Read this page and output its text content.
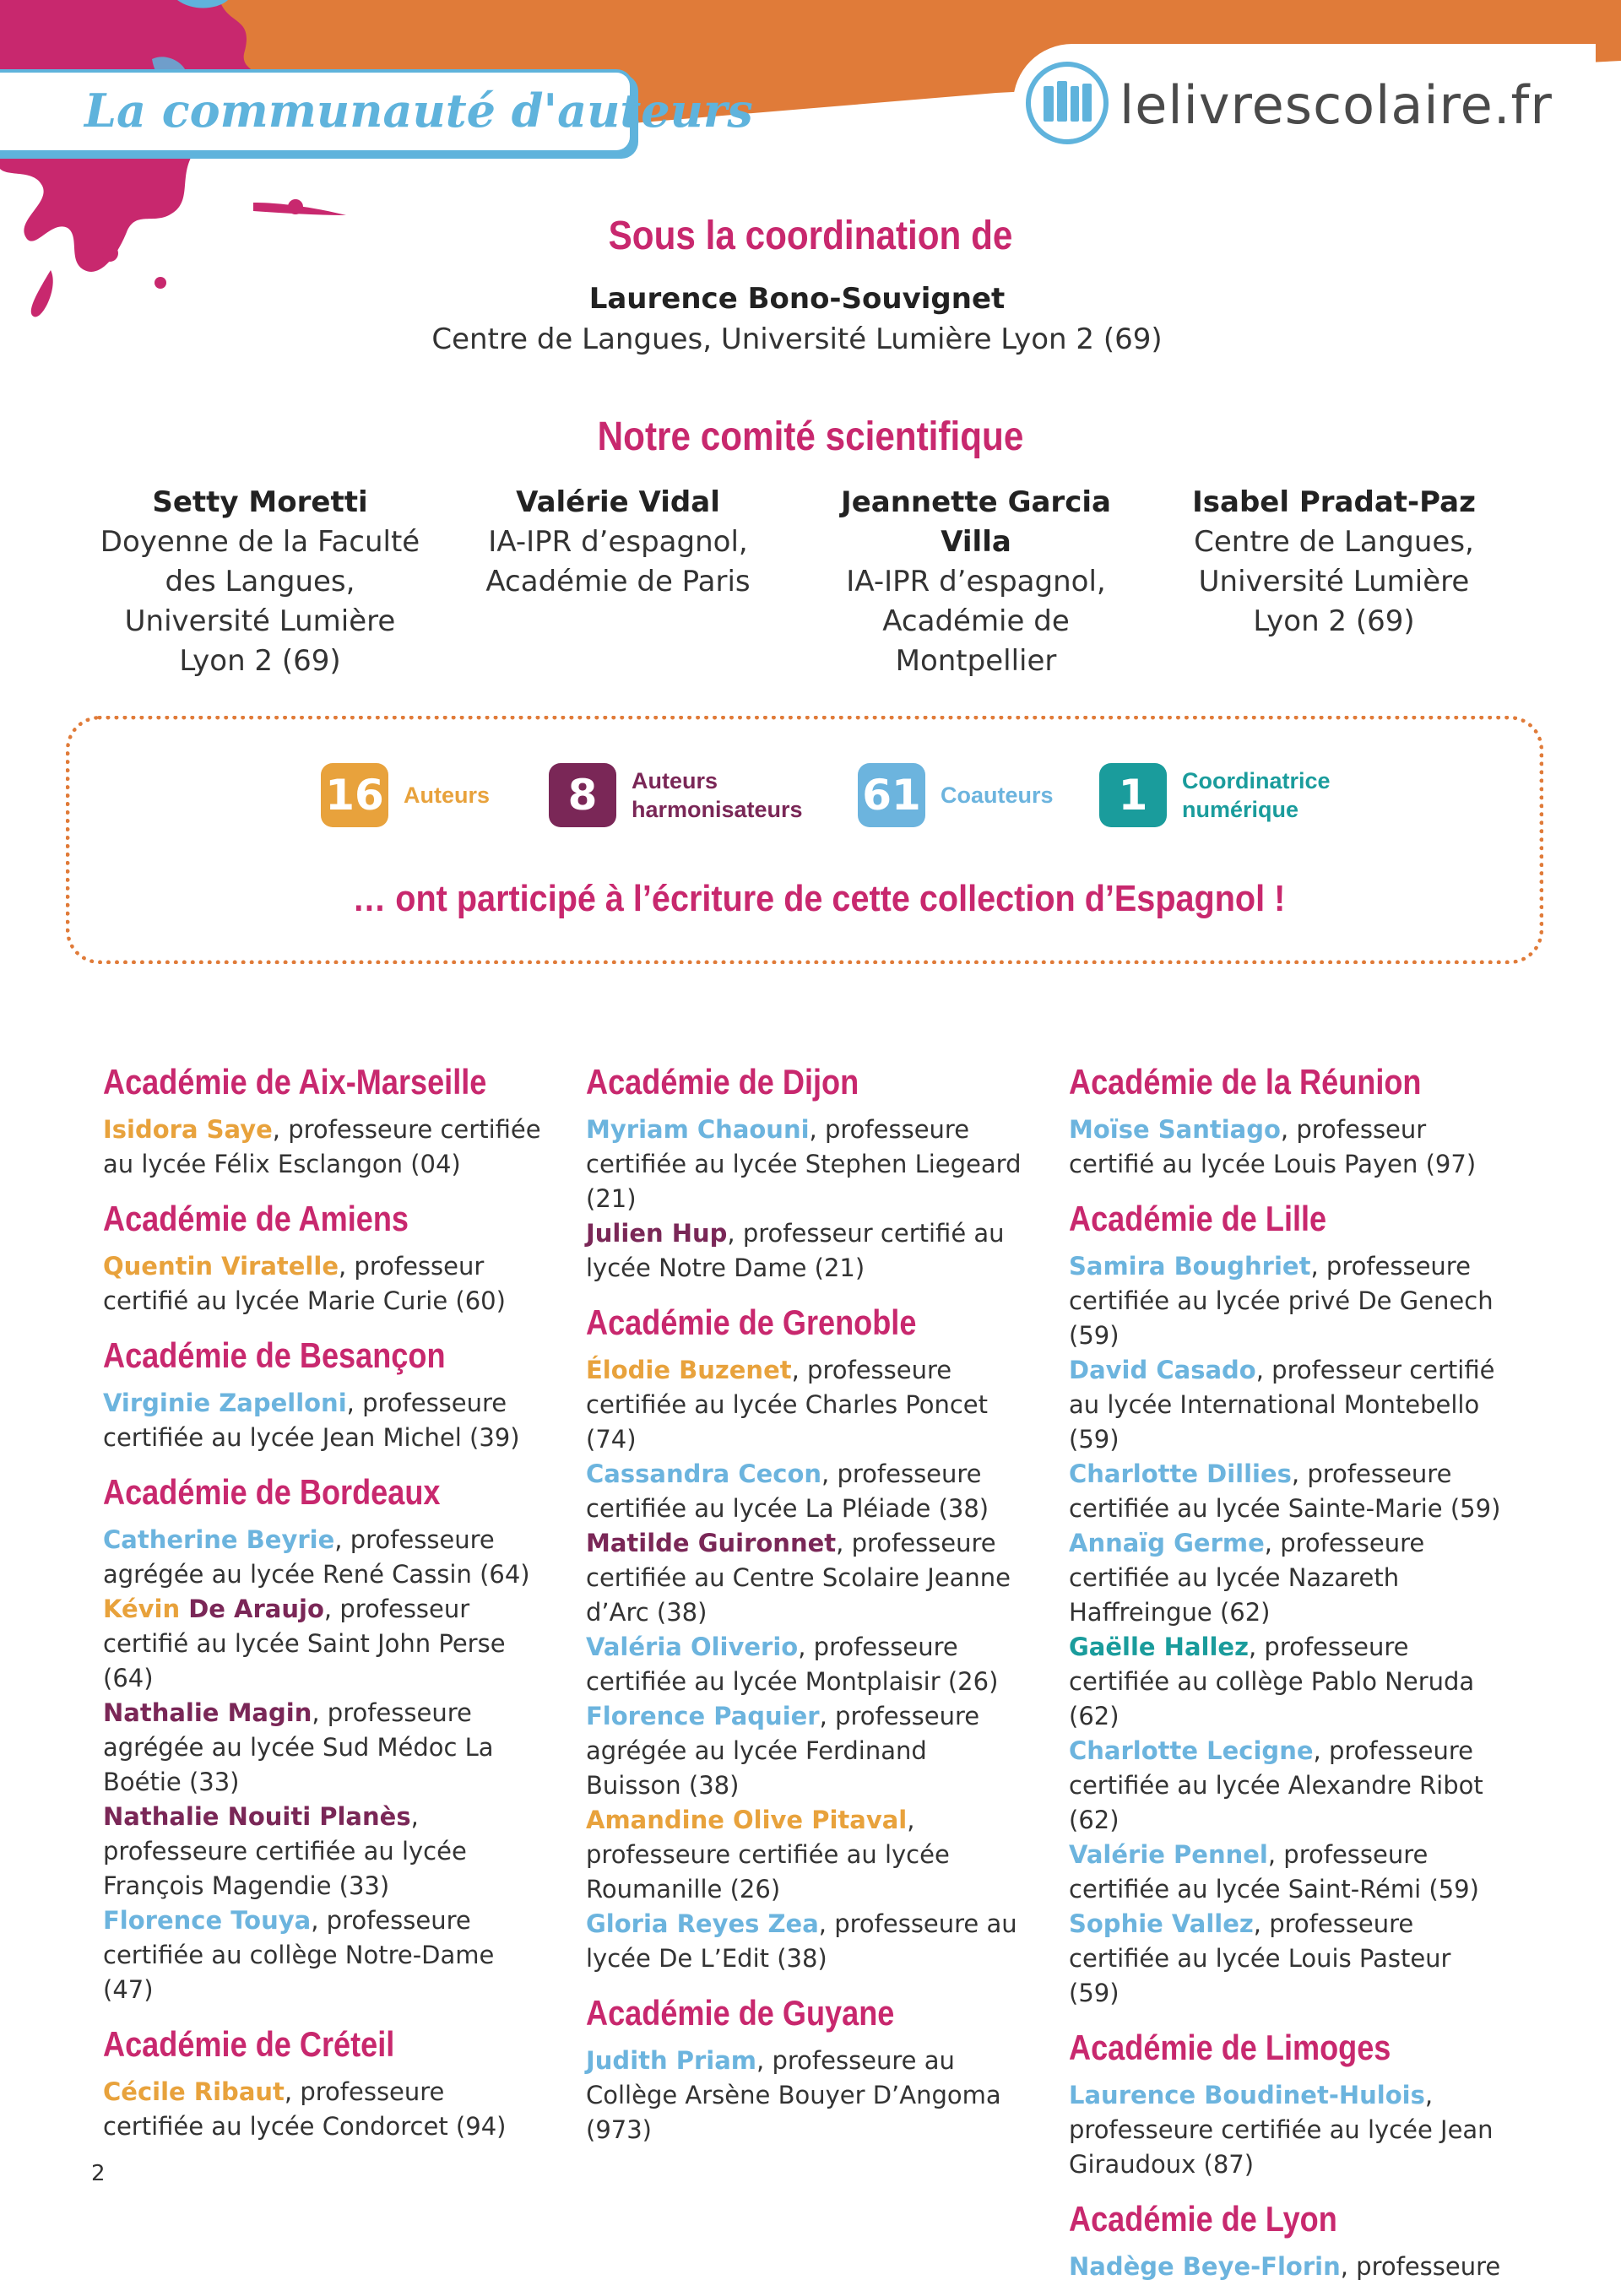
La communauté d'auteurs	lelivrescolaire.fr
Sous la coordination de
Laurence Bono-Souvignet
Centre de Langues, Université Lumière Lyon 2 (69)
Notre comité scientifique
Setty Moretti
Doyenne de la Faculté
des Langues,
Université Lumière
Lyon 2 (69)
Valérie Vidal
IA-IPR d’espagnol,
Académie de Paris
Jeannette Garcia Villa
IA-IPR d’espagnol,
Académie de
Montpellier
Isabel Pradat-Paz
Centre de Langues,
Université Lumière
Lyon 2 (69)
16 Auteurs	8	Auteurs
harmonisateurs 61 Coauteurs	1	Coordinatrice
numérique
… ont participé à l’écriture de cette collection d’Espagnol !
Académie de Aix-Marseille
Isidora Saye, professeure certifiée au lycée Félix Esclangon (04)
Académie de Amiens
Quentin Viratelle, professeur certifié au lycée Marie Curie (60)
Académie de Besançon
Virginie Zapelloni, professeure certifiée au lycée Jean Michel (39)
Académie de Bordeaux
Catherine Beyrie, professeure agrégée au lycée René Cassin (64)
Kévin De Araujo, professeur certifié au lycée Saint John Perse (64)
Nathalie Magin, professeure agrégée au lycée Sud Médoc La Boétie (33)
Nathalie Nouiti Planès, professeure certifiée au lycée François Magendie (33)
Florence Touya, professeure certifiée au collège Notre-Dame (47)
Académie de Créteil
Cécile Ribaut, professeure certifiée au lycée Condorcet (94)
Académie de Dijon
Myriam Chaouni, professeure certifiée au lycée Stephen Liegeard (21)
Julien Hup, professeur certifié au lycée Notre Dame (21)
Académie de Grenoble
Élodie Buzenet, professeure certifiée au lycée Charles Poncet (74)
Cassandra Cecon, professeure certifiée au lycée La Pléiade (38)
Matilde Guironnet, professeure certifiée au Centre Scolaire Jeanne d’Arc (38)
Valéria Oliverio, professeure certifiée au lycée Montplaisir (26)
Florence Paquier, professeure agrégée au lycée Ferdinand Buisson (38)
Amandine Olive Pitaval, professeure certifiée au lycée Roumanille (26)
Gloria Reyes Zea, professeure au lycée De L’Edit (38)
Académie de Guyane
Judith Priam, professeure au Collège Arsène Bouyer D’Angoma (973)
Académie de la Réunion
Moïse Santiago, professeur certifié au lycée Louis Payen (97)
Académie de Lille
Samira Boughriet, professeure certifiée au lycée privé De Genech (59)
David Casado, professeur certifié au lycée International Montebello (59)
Charlotte Dillies, professeure certifiée au lycée Sainte-Marie (59)
Annaïg Germe, professeure certifiée au lycée Nazareth Haffreingue (62)
Gaëlle Hallez, professeure certifiée au collège Pablo Neruda (62)
Charlotte Lecigne, professeure certifiée au lycée Alexandre Ribot (62)
Valérie Pennel, professeure certifiée au lycée Saint-Rémi (59)
Sophie Vallez, professeure certifiée au lycée Louis Pasteur (59)
Académie de Limoges
Laurence Boudinet-Hulois, professeure certifiée au lycée Jean Giraudoux (87)
Académie de Lyon
Nadège Beye-Florin, professeure
2
